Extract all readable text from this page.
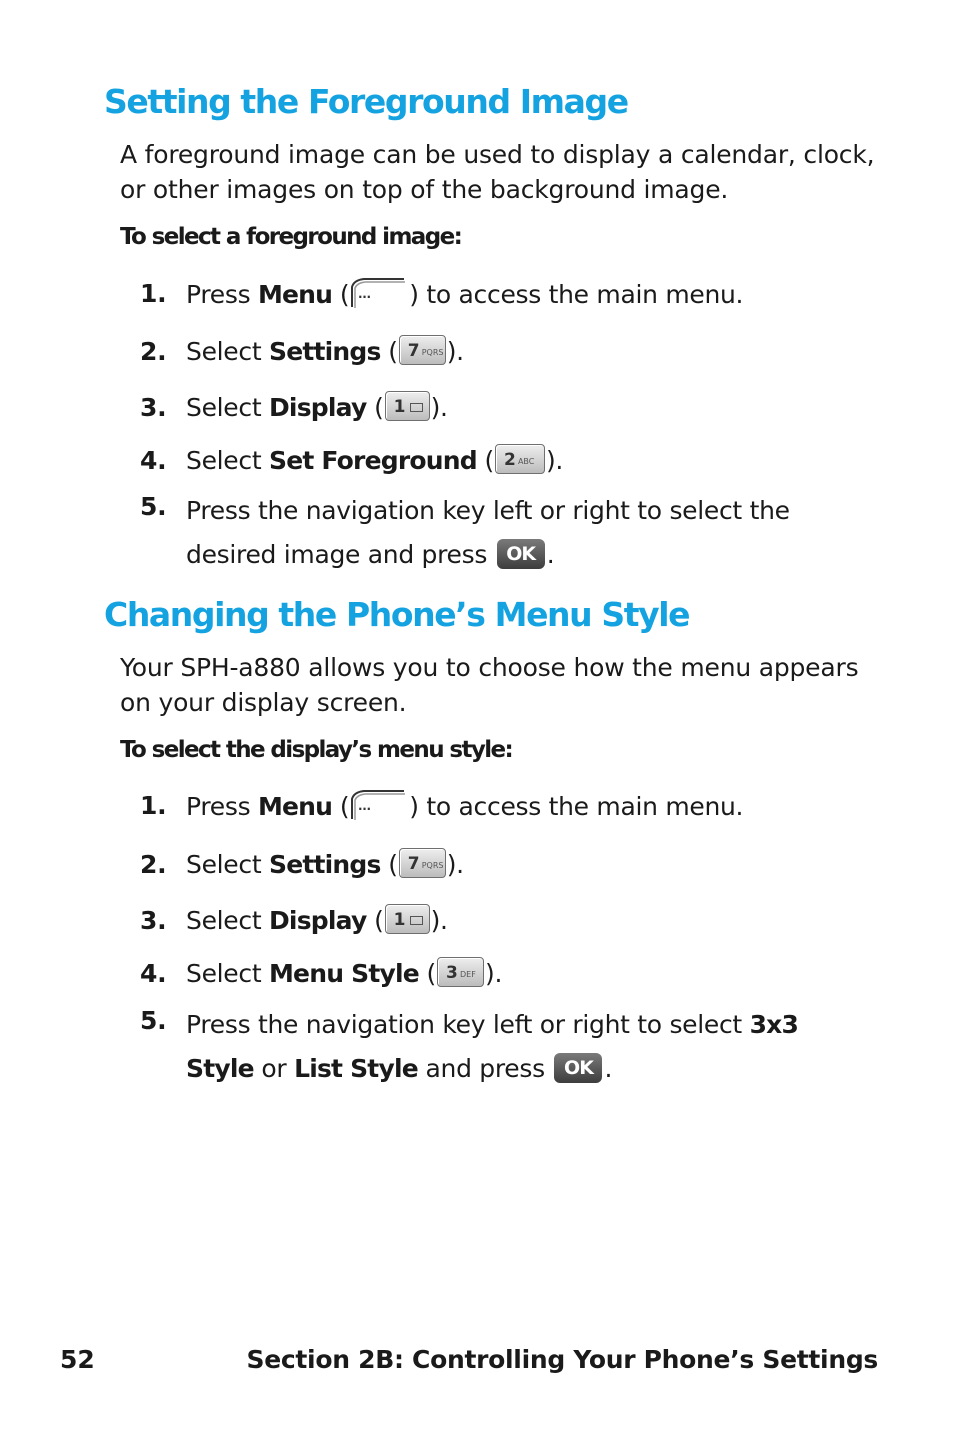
Setting the Foreground Image

A foreground image can be used to display a calendar, clock, or other images on top of the background image.

To select a foreground image:

1. Press Menu ( ··· ) to access the main menu.
2. Select Settings ( 7 PQRS ).
3. Select Display ( 1 ).
4. Select Set Foreground ( 2 ABC ).
5. Press the navigation key left or right to select the desired image and press OK .
Changing the Phone’s Menu Style

Your SPH-a880 allows you to choose how the menu appears on your display screen.

To select the display’s menu style:

1. Press Menu ( ··· ) to access the main menu.
2. Select Settings ( 7 PQRS ).
3. Select Display ( 1 ).
4. Select Menu Style ( 3 DEF ).
5. Press the navigation key left or right to select 3x3 Style or List Style and press OK .
52	Section 2B: Controlling Your Phone’s Settings
